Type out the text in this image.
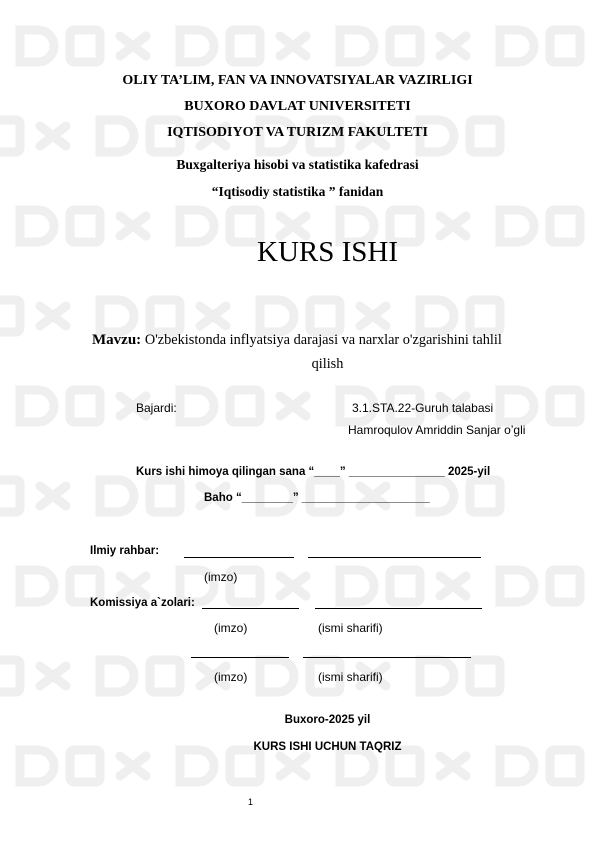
OLIY TA’LIM, FAN VA INNOVATSIYALAR VAZIRLIGI
BUXORO DAVLAT UNIVERSITETI
IQTISODIYOT VA TURIZM FAKULTETI
Buxgalteriya hisobi va statistika kafedrasi
“Iqtisodiy statistika ” fanidan
KURS ISHI
Mavzu: O'zbekistonda inflyatsiya darajasi va narxlar o'zgarishini tahlil
qilish
Bajardi:	3.1.STA.22-Guruh talabasi
Hamroqulov Amriddin Sanjar o’gli
Kurs ishi himoya qilingan sana “____” _______________ 2025-yil
Baho “________” ____________________
Ilmiy rahbar:
(imzo)
Komissiya a`zolari:
(imzo)	(ismi sharifi)
(imzo)	(ismi sharifi)
Buxoro-2025 yil
KURS ISHI UCHUN TAQRIZ
1
